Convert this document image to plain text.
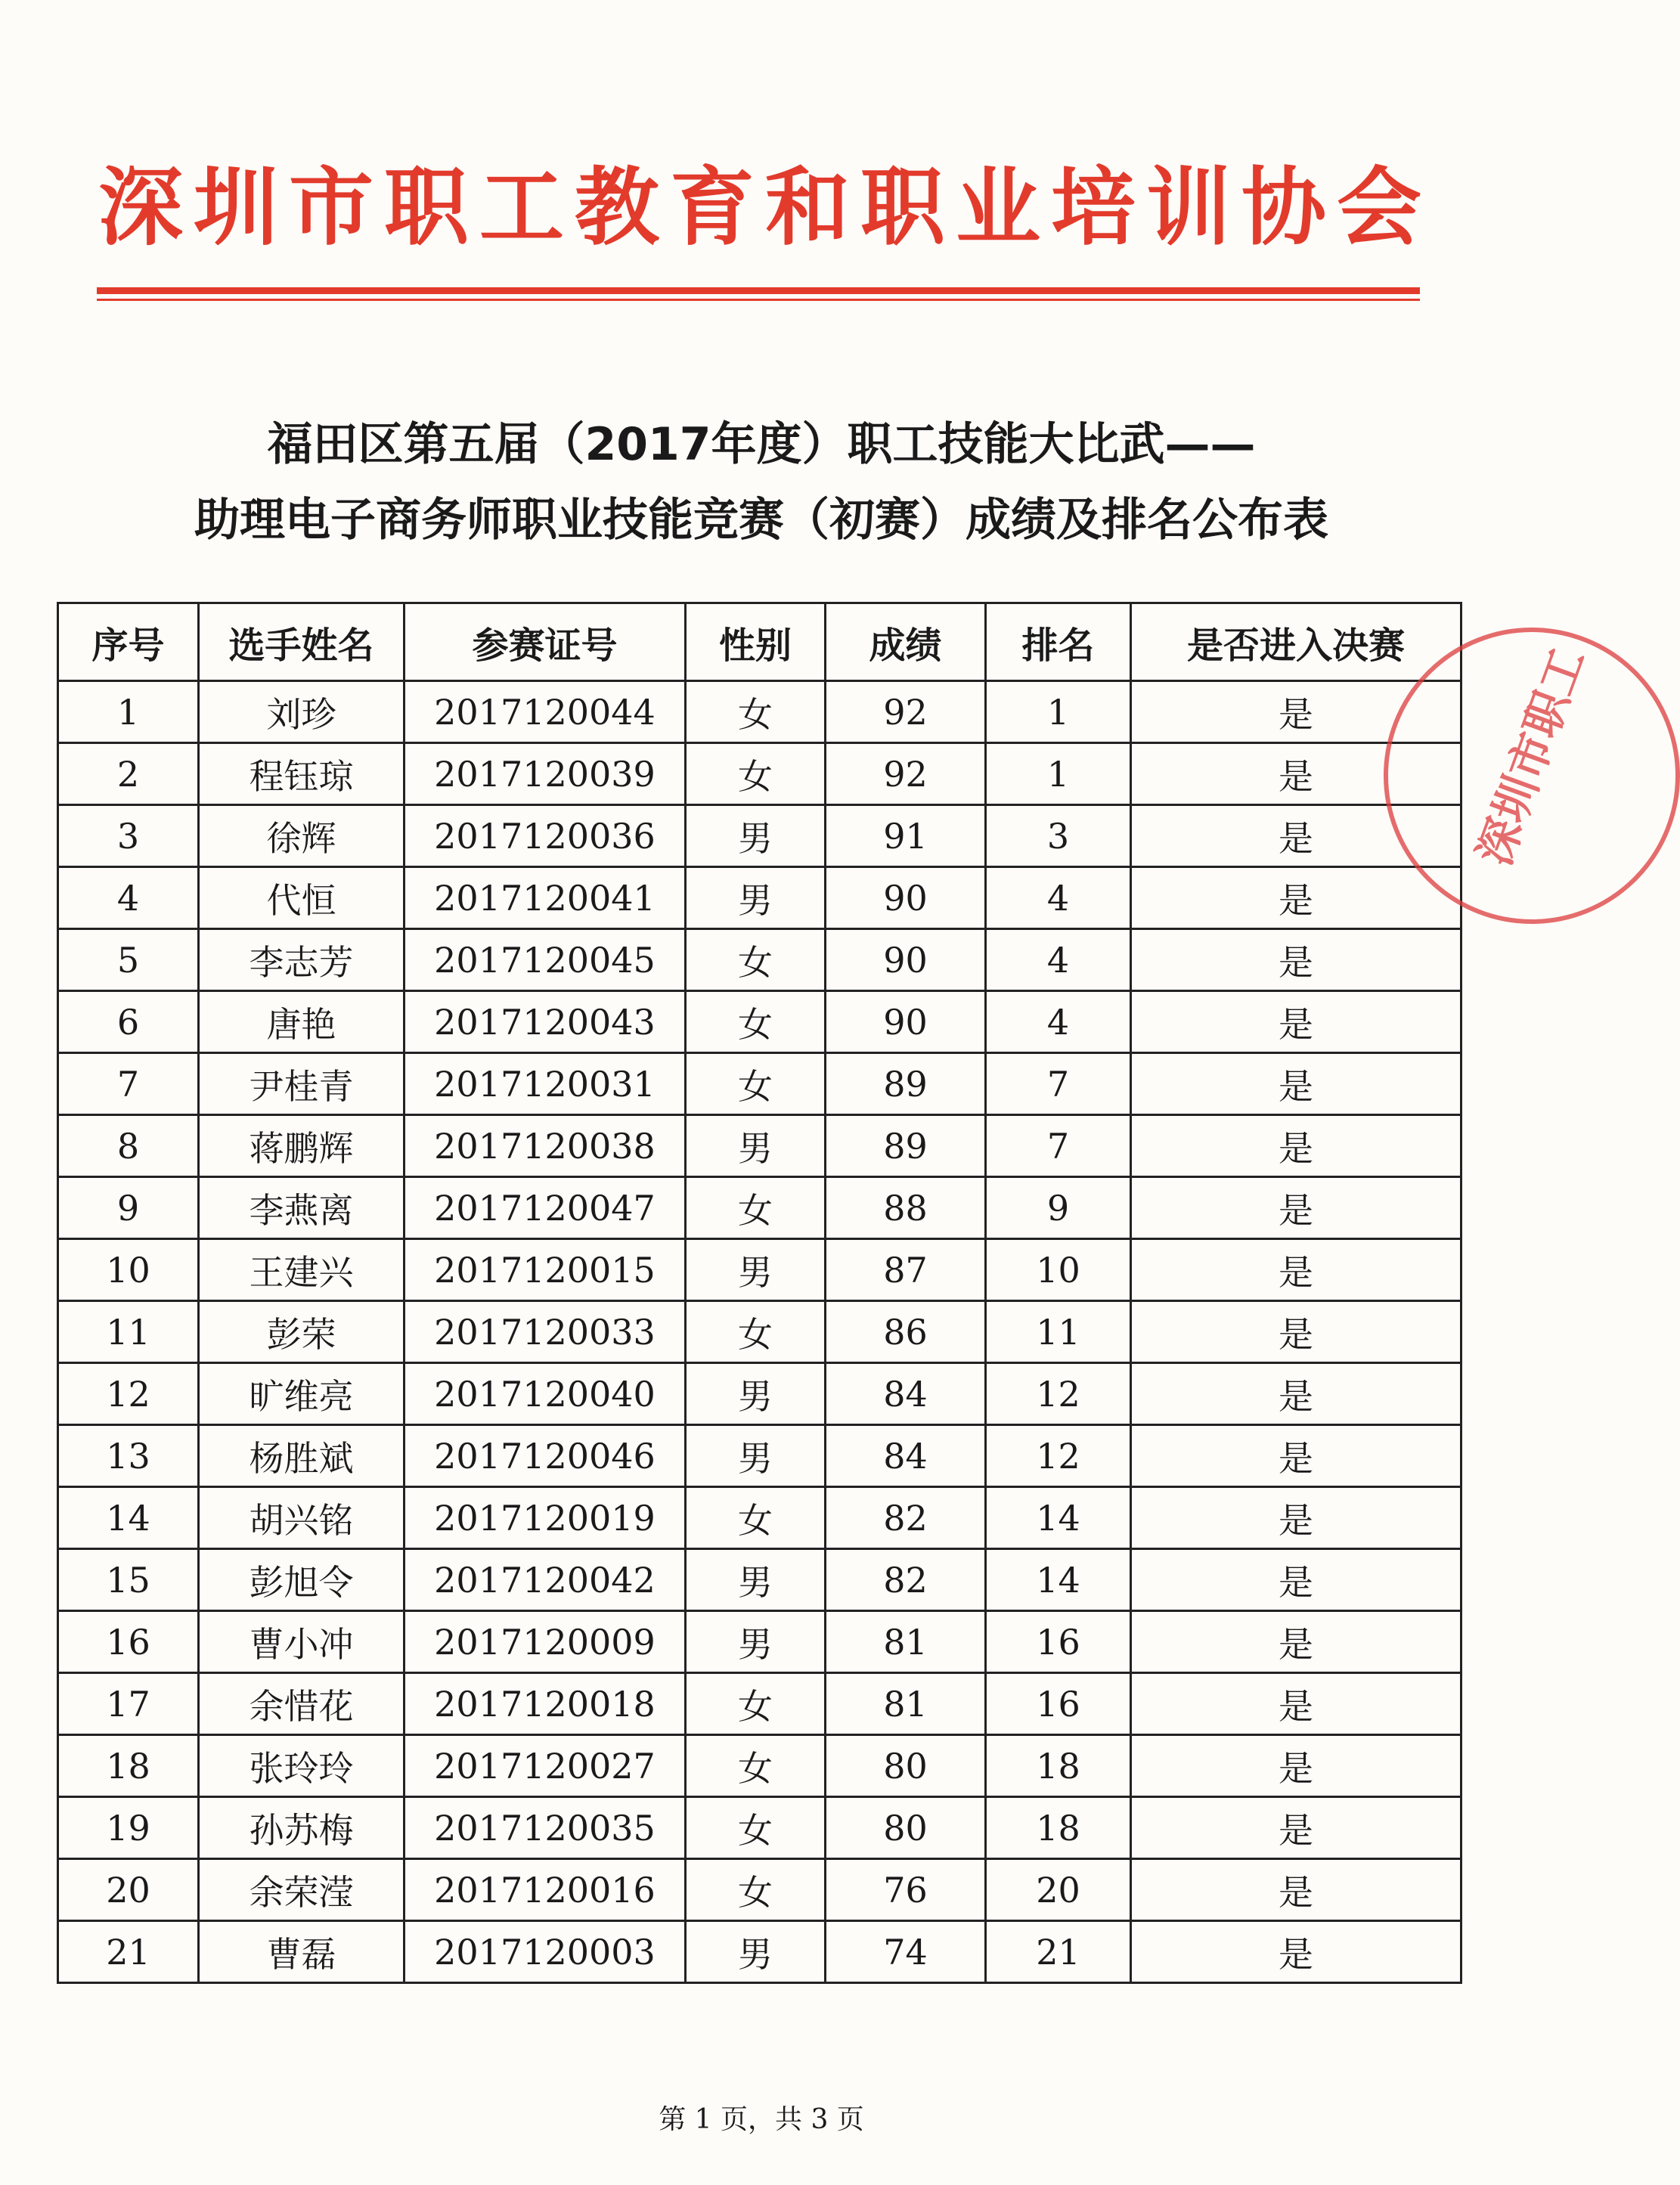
深圳市职工教育和职业培训协会
福田区第五届（2017年度）职工技能大比武——
助理电子商务师职业技能竞赛（初赛）成绩及排名公布表
序号	选手姓名	参赛证号	性别	成绩	排名	是否进入决赛
1	刘珍	2017120044	女	92	1	是
2	程钰琼	2017120039	女	92	1	是
3	徐辉	2017120036	男	91	3	是
4	代恒	2017120041	男	90	4	是
5	李志芳	2017120045	女	90	4	是
6	唐艳	2017120043	女	90	4	是
7	尹桂青	2017120031	女	89	7	是
8	蒋鹏辉	2017120038	男	89	7	是
9	李燕离	2017120047	女	88	9	是
10	王建兴	2017120015	男	87	10	是
11	彭荣	2017120033	女	86	11	是
12	旷维亮	2017120040	男	84	12	是
13	杨胜斌	2017120046	男	84	12	是
14	胡兴铭	2017120019	女	82	14	是
15	彭旭令	2017120042	男	82	14	是
16	曹小冲	2017120009	男	81	16	是
17	余惜花	2017120018	女	81	16	是
18	张玲玲	2017120027	女	80	18	是
19	孙苏梅	2017120035	女	80	18	是
20	余荣滢	2017120016	女	76	20	是
21	曹磊	2017120003	男	74	21	是
第 1 页，共 3 页
深圳市职工
